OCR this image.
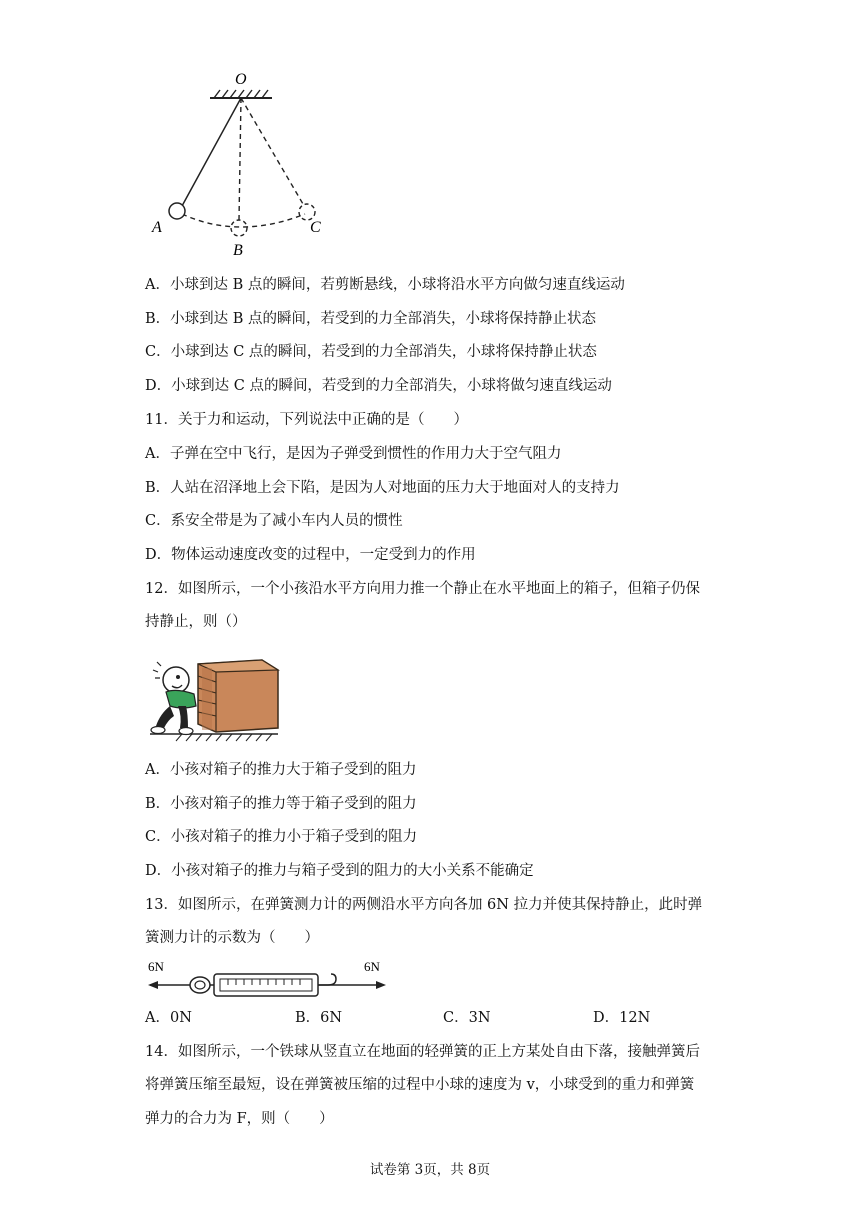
O
A
B
C
A．小球到达 B 点的瞬间，若剪断悬线，小球将沿水平方向做匀速直线运动
B．小球到达 B 点的瞬间，若受到的力全部消失，小球将保持静止状态
C．小球到达 C 点的瞬间，若受到的力全部消失，小球将保持静止状态
D．小球到达 C 点的瞬间，若受到的力全部消失，小球将做匀速直线运动
11．关于力和运动，下列说法中正确的是（　　）
A．子弹在空中飞行，是因为子弹受到惯性的作用力大于空气阻力
B．人站在沼泽地上会下陷，是因为人对地面的压力大于地面对人的支持力
C．系安全带是为了减小车内人员的惯性
D．物体运动速度改变的过程中，一定受到力的作用
12．如图所示，一个小孩沿水平方向用力推一个静止在水平地面上的箱子，但箱子仍保
持静止，则（）
A．小孩对箱子的推力大于箱子受到的阻力
B．小孩对箱子的推力等于箱子受到的阻力
C．小孩对箱子的推力小于箱子受到的阻力
D．小孩对箱子的推力与箱子受到的阻力的大小关系不能确定
13．如图所示，在弹簧测力计的两侧沿水平方向各加 6N 拉力并使其保持静止，此时弹
簧测力计的示数为（　　）
6N	6N
A．0N	B．6N	C．3N	D．12N
14．如图所示，一个铁球从竖直立在地面的轻弹簧的正上方某处自由下落，接触弹簧后
将弹簧压缩至最短，设在弹簧被压缩的过程中小球的速度为 v，小球受到的重力和弹簧
弹力的合力为 F，则（　　）
试卷第 3页，共 8页
